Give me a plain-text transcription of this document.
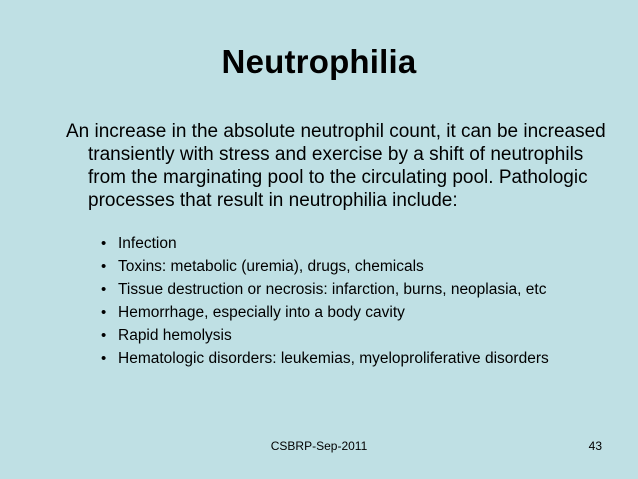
Neutrophilia

An increase in the absolute neutrophil count, it can be increased transiently with stress and exercise by a shift of neutrophils from the marginating pool to the circulating pool. Pathologic processes that result in neutrophilia include:

• Infection
• Toxins: metabolic (uremia), drugs, chemicals
• Tissue destruction or necrosis: infarction, burns, neoplasia, etc
• Hemorrhage, especially into a body cavity
• Rapid hemolysis
• Hematologic disorders: leukemias, myeloproliferative disorders
CSBRP-Sep-2011	43
